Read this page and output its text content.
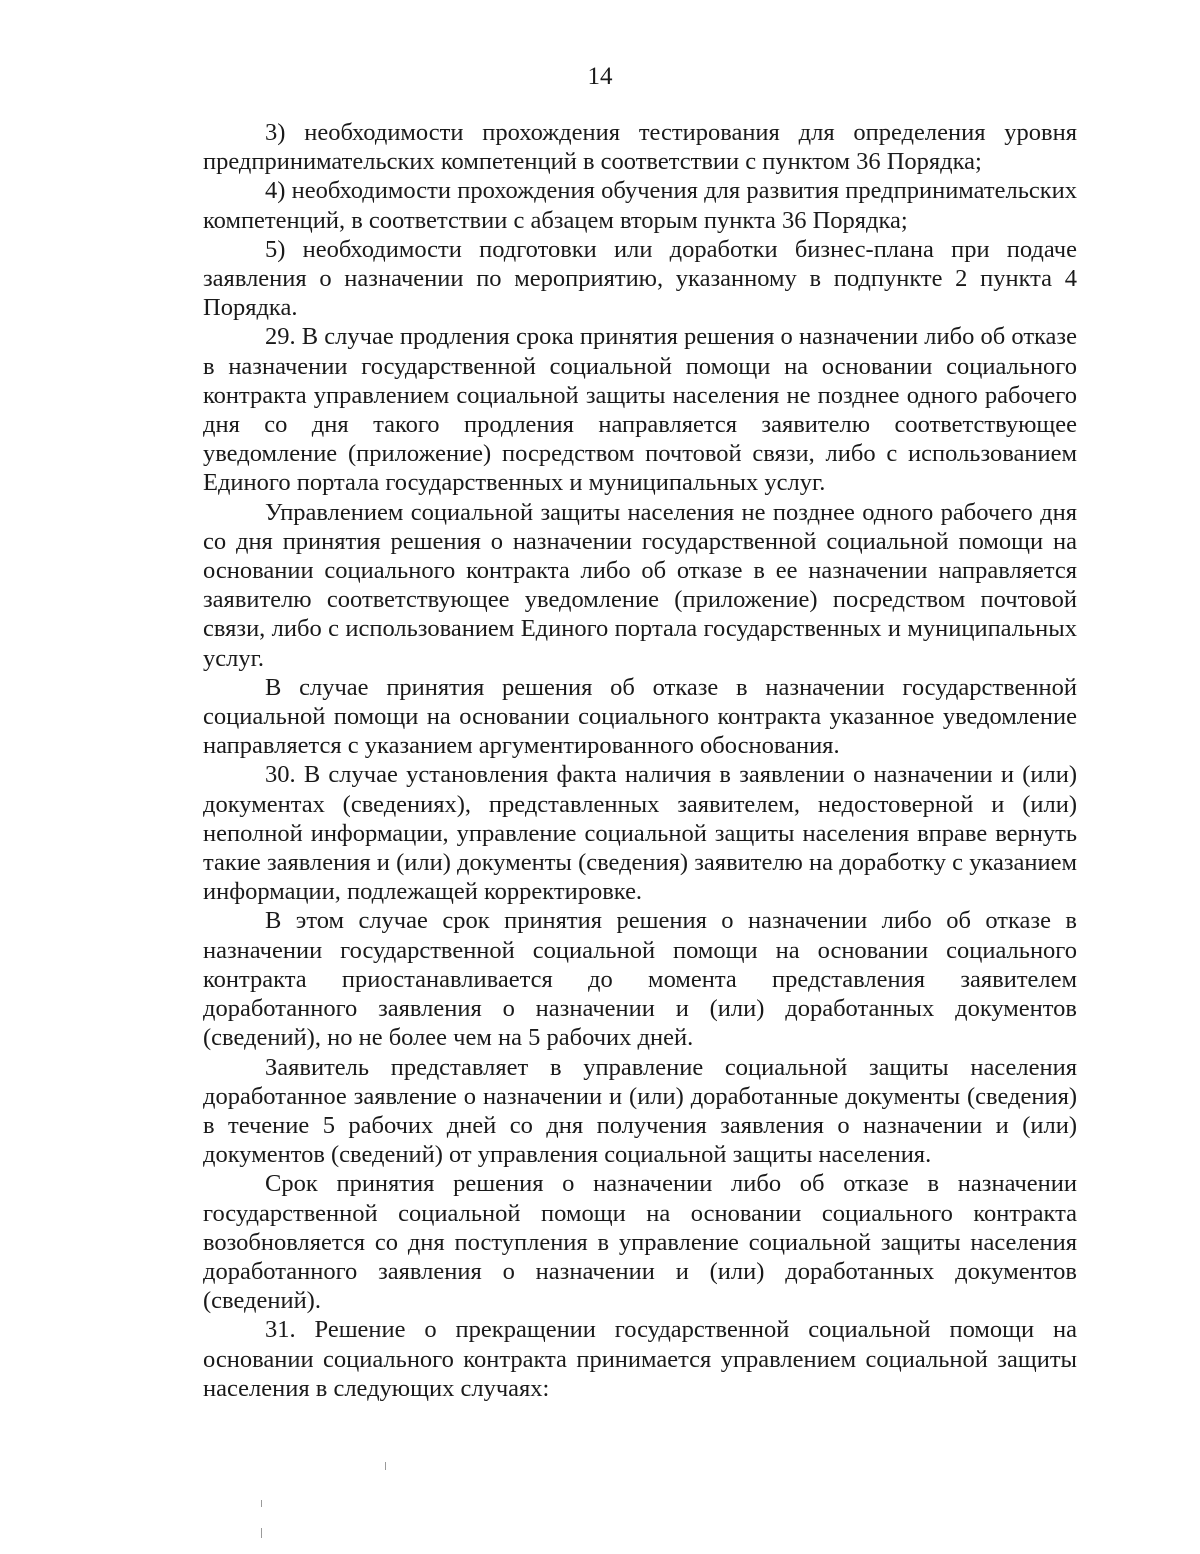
14

3) необходимости прохождения тестирования для определения уровня предпринимательских компетенций в соответствии с пунктом 36 Порядка;

4) необходимости прохождения обучения для развития предпринимательских компетенций, в соответствии с абзацем вторым пункта 36 Порядка;

5) необходимости подготовки или доработки бизнес-плана при подаче заявления о назначении по мероприятию, указанному в подпункте 2 пункта 4 Порядка.

29. В случае продления срока принятия решения о назначении либо об отказе в назначении государственной социальной помощи на основании социального контракта управлением социальной защиты населения не позднее одного рабочего дня со дня такого продления направляется заявителю соответствующее уведомление (приложение) посредством почтовой связи, либо с использованием Единого портала государственных и муниципальных услуг.

Управлением социальной защиты населения не позднее одного рабочего дня со дня принятия решения о назначении государственной социальной помощи на основании социального контракта либо об отказе в ее назначении направляется заявителю соответствующее уведомление (приложение) посредством почтовой связи, либо с использованием Единого портала государственных и муниципальных услуг.

В случае принятия решения об отказе в назначении государственной социальной помощи на основании социального контракта указанное уведомление направляется с указанием аргументированного обоснования.

30. В случае установления факта наличия в заявлении о назначении и (или) документах (сведениях), представленных заявителем, недостоверной и (или) неполной информации, управление социальной защиты населения вправе вернуть такие заявления и (или) документы (сведения) заявителю на доработку с указанием информации, подлежащей корректировке.

В этом случае срок принятия решения о назначении либо об отказе в назначении государственной социальной помощи на основании социального контракта приостанавливается до момента представления заявителем доработанного заявления о назначении и (или) доработанных документов (сведений), но не более чем на 5 рабочих дней.

Заявитель представляет в управление социальной защиты населения доработанное заявление о назначении и (или) доработанные документы (сведения) в течение 5 рабочих дней со дня получения заявления о назначении и (или) документов (сведений) от управления социальной защиты населения.

Срок принятия решения о назначении либо об отказе в назначении государственной социальной помощи на основании социального контракта возобновляется со дня поступления в управление социальной защиты населения доработанного заявления о назначении и (или) доработанных документов (сведений).

31. Решение о прекращении государственной социальной помощи на основании социального контракта принимается управлением социальной защиты населения в следующих случаях:
